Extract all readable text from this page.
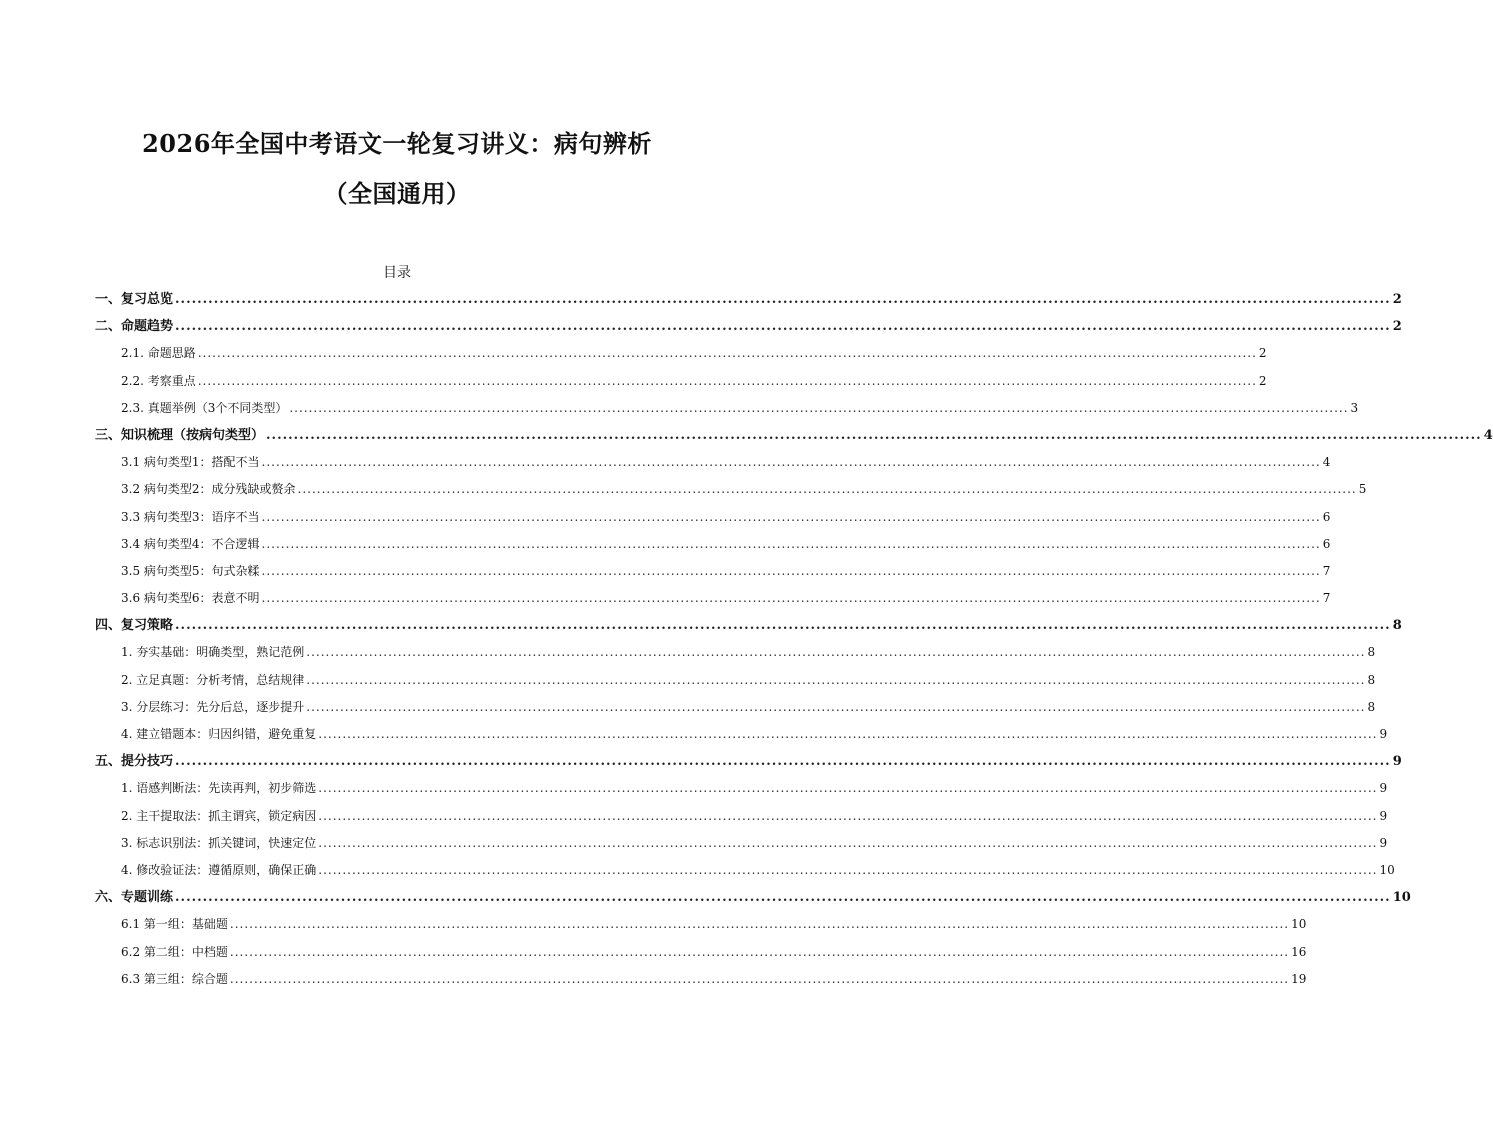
2026年全国中考语文一轮复习讲义：病句辨析
（全国通用）
目录
一、复习总览 ............................................................................................................................................................................................................................ 2
二、命题趋势 ............................................................................................................................................................................................................................ 2
2.1. 命题思路 ............................................................................................................................................................................................................................ 2
2.2. 考察重点 ............................................................................................................................................................................................................................ 2
2.3. 真题举例（3个不同类型） ............................................................................................................................................................................................................................ 3
三、知识梳理（按病句类型） ............................................................................................................................................................................................................................ 4
3.1 病句类型1：搭配不当 ............................................................................................................................................................................................................................ 4
3.2 病句类型2：成分残缺或赘余 ............................................................................................................................................................................................................................ 5
3.3 病句类型3：语序不当 ............................................................................................................................................................................................................................ 6
3.4 病句类型4：不合逻辑 ............................................................................................................................................................................................................................ 6
3.5 病句类型5：句式杂糅 ............................................................................................................................................................................................................................ 7
3.6 病句类型6：表意不明 ............................................................................................................................................................................................................................ 7
四、复习策略 ............................................................................................................................................................................................................................ 8
1. 夯实基础：明确类型，熟记范例 ............................................................................................................................................................................................................................ 8
2. 立足真题：分析考情，总结规律 ............................................................................................................................................................................................................................ 8
3. 分层练习：先分后总，逐步提升 ............................................................................................................................................................................................................................ 8
4. 建立错题本：归因纠错，避免重复 ............................................................................................................................................................................................................................ 9
五、提分技巧 ............................................................................................................................................................................................................................ 9
1. 语感判断法：先读再判，初步筛选 ............................................................................................................................................................................................................................ 9
2. 主干提取法：抓主谓宾，锁定病因 ............................................................................................................................................................................................................................ 9
3. 标志识别法：抓关键词，快速定位 ............................................................................................................................................................................................................................ 9
4. 修改验证法：遵循原则，确保正确 ............................................................................................................................................................................................................................ 10
六、专题训练 ............................................................................................................................................................................................................................ 10
6.1 第一组：基础题 ............................................................................................................................................................................................................................ 10
6.2 第二组：中档题 ............................................................................................................................................................................................................................ 16
6.3 第三组：综合题 ............................................................................................................................................................................................................................ 19
